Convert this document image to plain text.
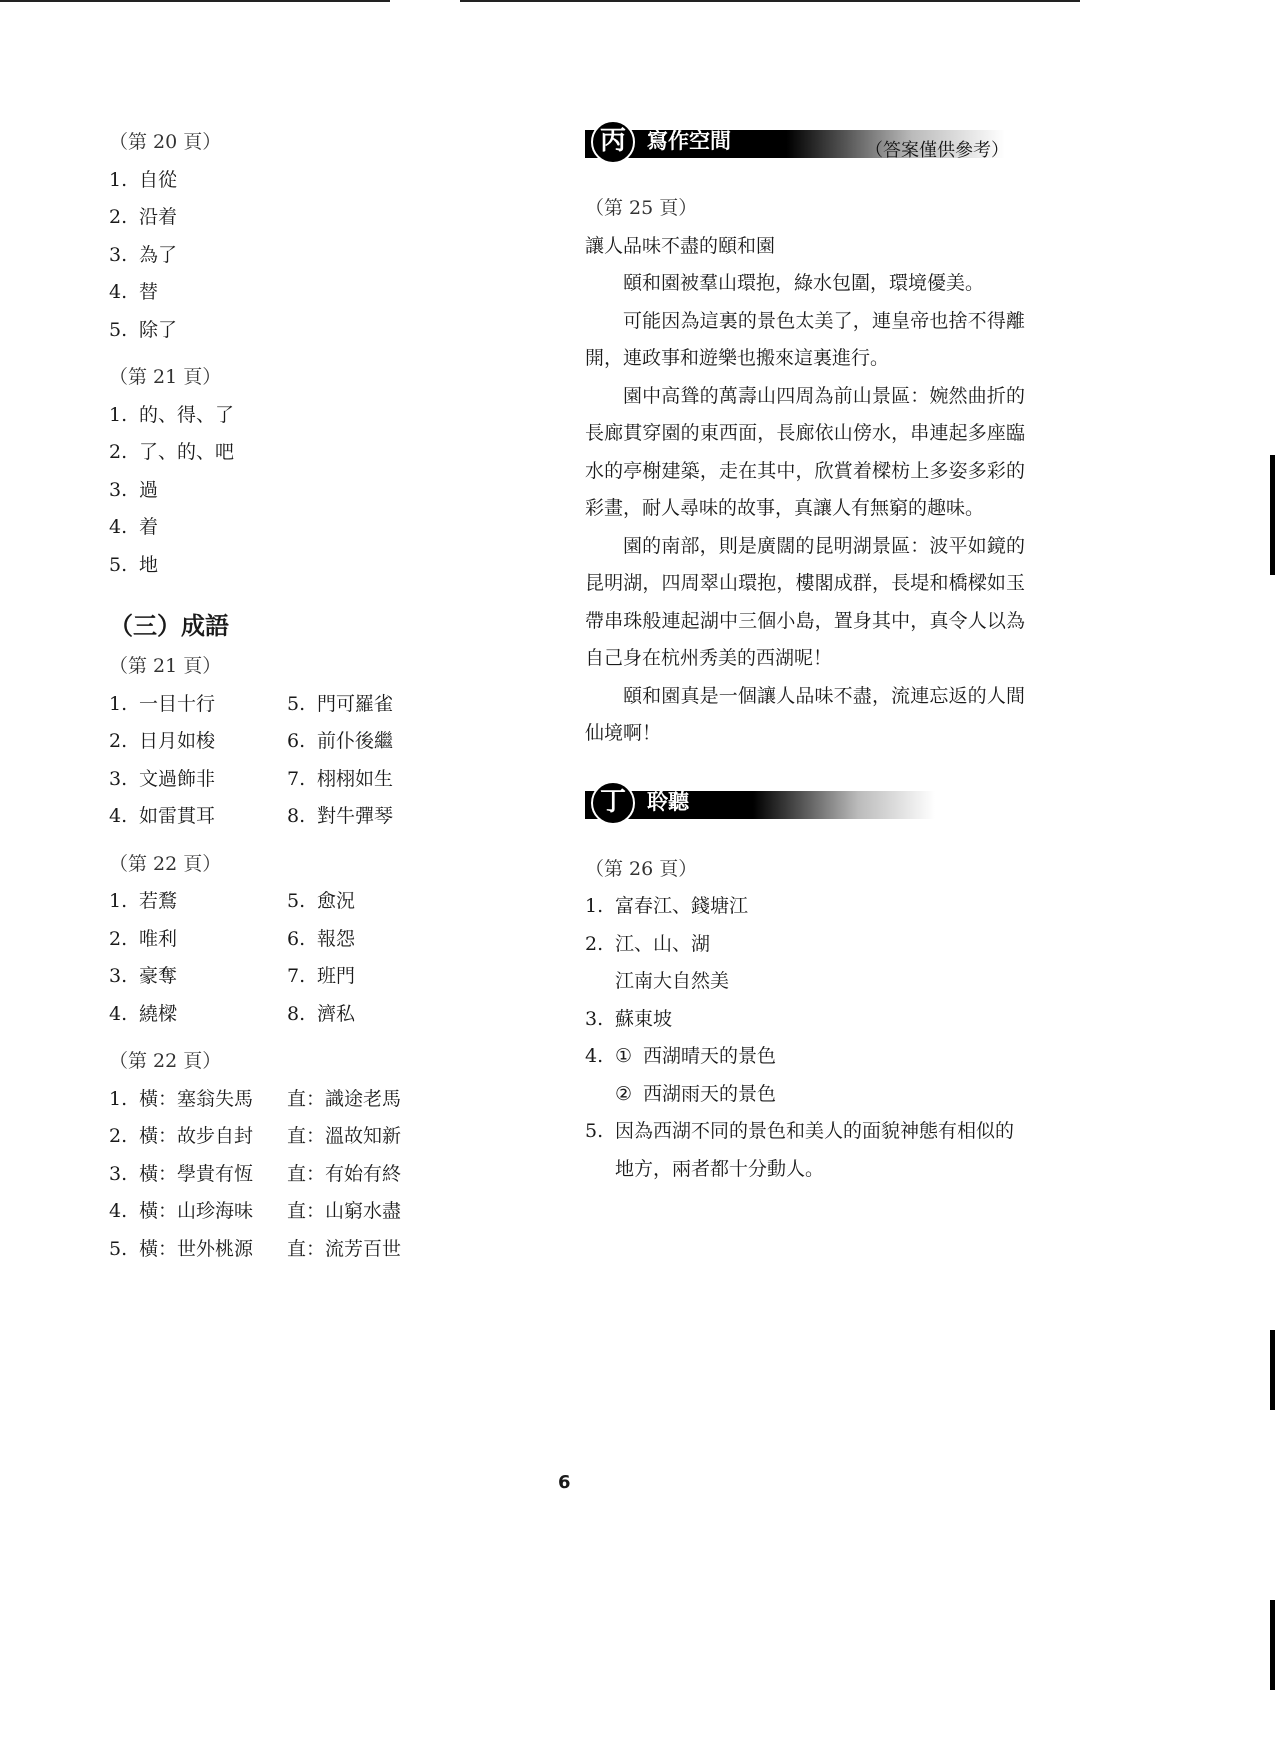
（第 20 頁）
1. 自從
2. 沿着
3. 為了
4. 替
5. 除了
（第 21 頁）
1. 的、得、了
2. 了、的、吧
3. 過
4. 着
5. 地
（三）成語
（第 21 頁）
1. 一目十行	5. 門可羅雀
2. 日月如梭	6. 前仆後繼
3. 文過飾非	7. 栩栩如生
4. 如雷貫耳	8. 對牛彈琴
（第 22 頁）
1. 若鶩	5. 愈況
2. 唯利	6. 報怨
3. 豪奪	7. 班門
4. 繞樑	8. 濟私
（第 22 頁）
1. 橫：塞翁失馬	直：識途老馬
2. 橫：故步自封	直：溫故知新
3. 橫：學貴有恆	直：有始有終
4. 橫：山珍海味	直：山窮水盡
5. 橫：世外桃源	直：流芳百世
丙	寫作空間	（答案僅供參考）
（第 25 頁）

讓人品味不盡的頤和園

頤和園被羣山環抱，綠水包圍，環境優美。

可能因為這裏的景色太美了，連皇帝也捨不得離開，連政事和遊樂也搬來這裏進行。

園中高聳的萬壽山四周為前山景區：婉然曲折的長廊貫穿園的東西面，長廊依山傍水，串連起多座臨水的亭榭建築，走在其中，欣賞着樑枋上多姿多彩的彩畫，耐人尋味的故事，真讓人有無窮的趣味。

園的南部，則是廣闊的昆明湖景區：波平如鏡的昆明湖，四周翠山環抱，樓閣成群，長堤和橋樑如玉帶串珠般連起湖中三個小島，置身其中，真令人以為自己身在杭州秀美的西湖呢！

頤和園真是一個讓人品味不盡，流連忘返的人間仙境啊！

丁	聆聽
（第 26 頁）
1. 富春江、錢塘江
2. 江、山、湖
江南大自然美
3. 蘇東坡
4. ① 西湖晴天的景色
② 西湖雨天的景色
5. 因為西湖不同的景色和美人的面貌神態有相似的地方，兩者都十分動人。
6
